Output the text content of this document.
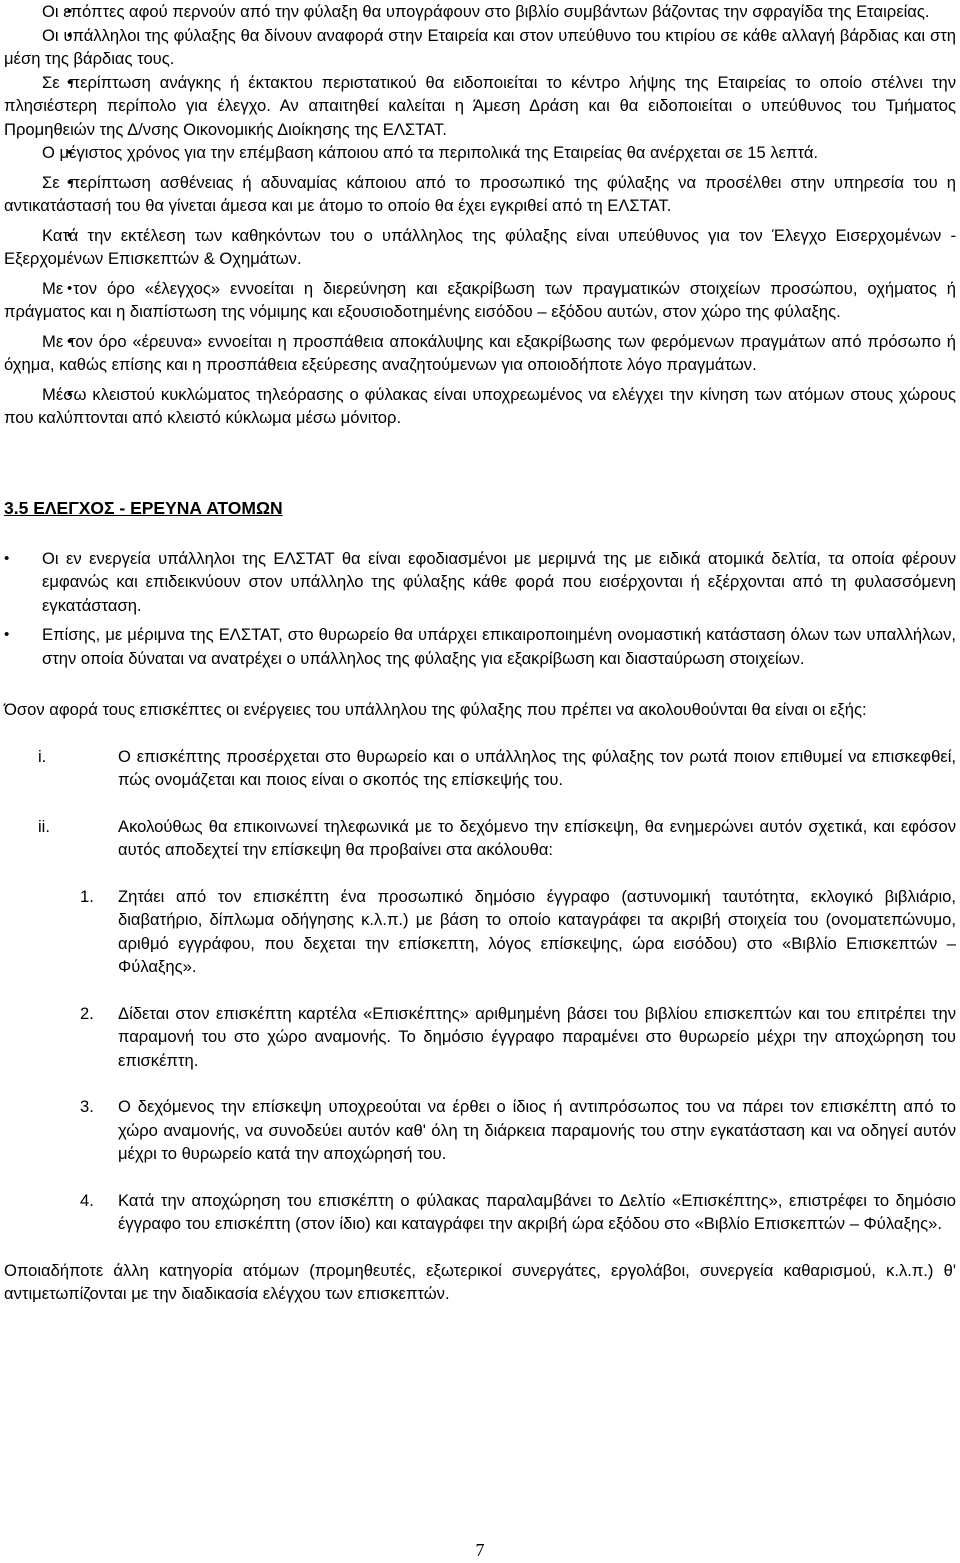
• Οι επόπτες αφού περνούν από την φύλαξη θα υπογράφουν στο βιβλίο συμβάντων βάζοντας την σφραγίδα της Εταιρείας.

• Οι υπάλληλοι της φύλαξης θα δίνουν αναφορά στην Εταιρεία και στον υπεύθυνο του κτιρίου σε κάθε αλλαγή βάρδιας και στη μέση της βάρδιας τους.

• Σε περίπτωση ανάγκης ή έκτακτου περιστατικού θα ειδοποιείται το κέντρο λήψης της Εταιρείας το οποίο στέλνει την πλησιέστερη περίπολο για έλεγχο. Αν απαιτηθεί καλείται η Άμεση Δράση και θα ειδοποιείται ο υπεύθυνος του Τμήματος Προμηθειών της Δ/νσης Οικονομικής Διοίκησης της ΕΛΣΤΑΤ.

• Ο μέγιστος χρόνος για την επέμβαση κάποιου από τα περιπολικά της Εταιρείας θα ανέρχεται σε 15 λεπτά.

• Σε περίπτωση ασθένειας ή αδυναμίας κάποιου από το προσωπικό της φύλαξης να προσέλθει στην υπηρεσία του η αντικατάστασή του θα γίνεται άμεσα και με άτομο το οποίο θα έχει εγκριθεί από τη ΕΛΣΤΑΤ.

• Κατά την εκτέλεση των καθηκόντων του ο υπάλληλος της φύλαξης είναι υπεύθυνος για τον Έλεγχο Εισερχομένων - Εξερχομένων Επισκεπτών & Οχημάτων.

• Με τον όρο «έλεγχος» εννοείται η διερεύνηση και εξακρίβωση των πραγματικών στοιχείων προσώπου, οχήματος ή πράγματος και η διαπίστωση της νόμιμης και εξουσιοδοτημένης εισόδου – εξόδου αυτών, στον χώρο της φύλαξης.

• Με τον όρο «έρευνα» εννοείται η προσπάθεια αποκάλυψης και εξακρίβωσης των φερόμενων πραγμάτων από πρόσωπο ή όχημα, καθώς επίσης και η προσπάθεια εξεύρεσης αναζητούμενων για οποιοδήποτε λόγο πραγμάτων.

• Μέσω κλειστού κυκλώματος τηλεόρασης ο φύλακας είναι υποχρεωμένος να ελέγχει την κίνηση των ατόμων στους χώρους που καλύπτονται από κλειστό κύκλωμα μέσω μόνιτορ.

3.5 ΕΛΕΓΧΟΣ - ΕΡΕΥΝΑ ΑΤΟΜΩΝ

• Οι εν ενεργεία υπάλληλοι της ΕΛΣΤΑΤ θα είναι εφοδιασμένοι με μεριμνά της με ειδικά ατομικά δελτία, τα οποία φέρουν εμφανώς και επιδεικνύουν στον υπάλληλο της φύλαξης κάθε φορά που εισέρχονται ή εξέρχονται από τη φυλασσόμενη εγκατάσταση.

• Επίσης, με μέριμνα της ΕΛΣΤΑΤ, στο θυρωρείο θα υπάρχει επικαιροποιημένη ονομαστική κατάσταση όλων των υπαλλήλων, στην οποία δύναται να ανατρέχει ο υπάλληλος της φύλαξης για εξακρίβωση και διασταύρωση στοιχείων.

Όσον αφορά τους επισκέπτες οι ενέργειες του υπάλληλου της φύλαξης που πρέπει να ακολουθούνται θα είναι οι εξής:

i.	Ο επισκέπτης προσέρχεται στο θυρωρείο και ο υπάλληλος της φύλαξης τον ρωτά ποιον επιθυμεί να επισκεφθεί, πώς ονομάζεται και ποιος είναι ο σκοπός της επίσκεψής του.
ii.	Ακολούθως θα επικοινωνεί τηλεφωνικά με το δεχόμενο την επίσκεψη, θα ενημερώνει αυτόν σχετικά, και εφόσον αυτός αποδεχτεί την επίσκεψη θα προβαίνει στα ακόλουθα:
1. Ζητάει από τον επισκέπτη ένα προσωπικό δημόσιο έγγραφο (αστυνομική ταυτότητα, εκλογικό βιβλιάριο, διαβατήριο, δίπλωμα οδήγησης κ.λ.π.) με βάση το οποίο καταγράφει τα ακριβή στοιχεία του (ονοματεπώνυμο, αριθμό εγγράφου, που δεχεται την επίσκεπτη, λόγος επίσκεψης, ώρα εισόδου) στο «Βιβλίο Επισκεπτών – Φύλαξης».
2. Δίδεται στον επισκέπτη καρτέλα «Επισκέπτης» αριθμημένη βάσει του βιβλίου επισκεπτών και του επιτρέπει την παραμονή του στο χώρο αναμονής. Το δημόσιο έγγραφο παραμένει στο θυρωρείο μέχρι την αποχώρηση του επισκέπτη.
3. Ο δεχόμενος την επίσκεψη υποχρεούται να έρθει ο ίδιος ή αντιπρόσωπος του να πάρει τον επισκέπτη από το χώρο αναμονής, να συνοδεύει αυτόν καθ' όλη τη διάρκεια παραμονής του στην εγκατάσταση και να οδηγεί αυτόν μέχρι το θυρωρείο κατά την αποχώρησή του.
4. Κατά την αποχώρηση του επισκέπτη ο φύλακας παραλαμβάνει το Δελτίο «Επισκέπτης», επιστρέφει το δημόσιο έγγραφο του επισκέπτη (στον ίδιο) και καταγράφει την ακριβή ώρα εξόδου στο «Βιβλίο Επισκεπτών – Φύλαξης».

Οποιαδήποτε άλλη κατηγορία ατόμων (προμηθευτές, εξωτερικοί συνεργάτες, εργολάβοι, συνεργεία καθαρισμού, κ.λ.π.) θ' αντιμετωπίζονται με την διαδικασία ελέγχου των επισκεπτών.

7
